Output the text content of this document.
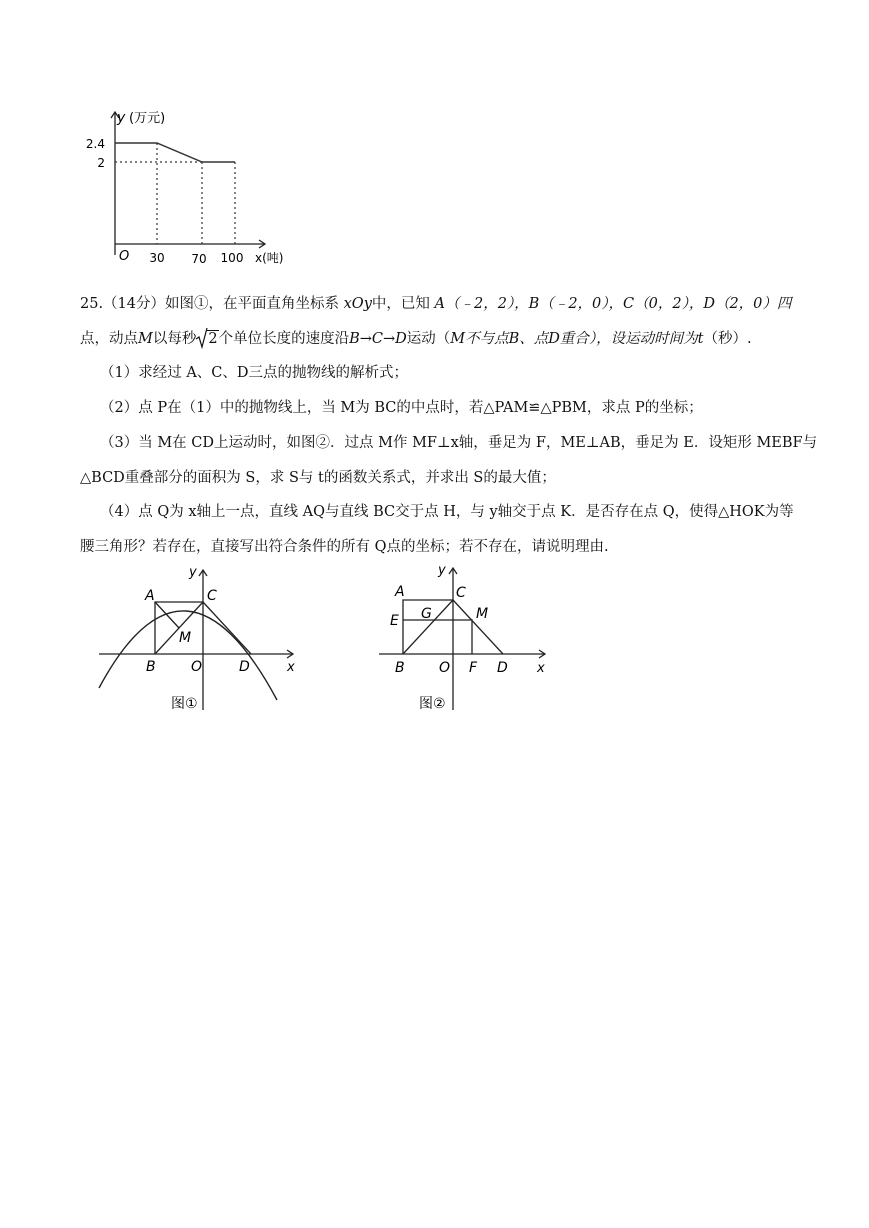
y (万元)
2.4
2
O 30 70 100 x(吨)
25.（14分）如图①，在平面直角坐标系 xOy中，已知 A（﹣2，2），B（﹣2，0），C（0，2），D（2，0）四
点，动点M以每秒 2个单位长度的速度沿B→C→D运动（M不与点B、点D重合），设运动时间为t（秒）.
（1）求经过 A、C、D三点的抛物线的解析式；
（2）点 P在（1）中的抛物线上，当 M为 BC的中点时，若△PAM≌△PBM，求点 P的坐标；
（3）当 M在 CD上运动时，如图②．过点 M作 MF⊥x轴，垂足为 F，ME⊥AB，垂足为 E．设矩形 MEBF与
△BCD重叠部分的面积为 S，求 S与 t的函数关系式，并求出 S的最大值；
（4）点 Q为 x轴上一点，直线 AQ与直线 BC交于点 H，与 y轴交于点 K．是否存在点 Q，使得△HOK为等
腰三角形？若存在，直接写出符合条件的所有 Q点的坐标；若不存在，请说明理由.
y
A	C
M
B	O	D	x
图①
y
A	C
G	M
E
B O F D x
图②
